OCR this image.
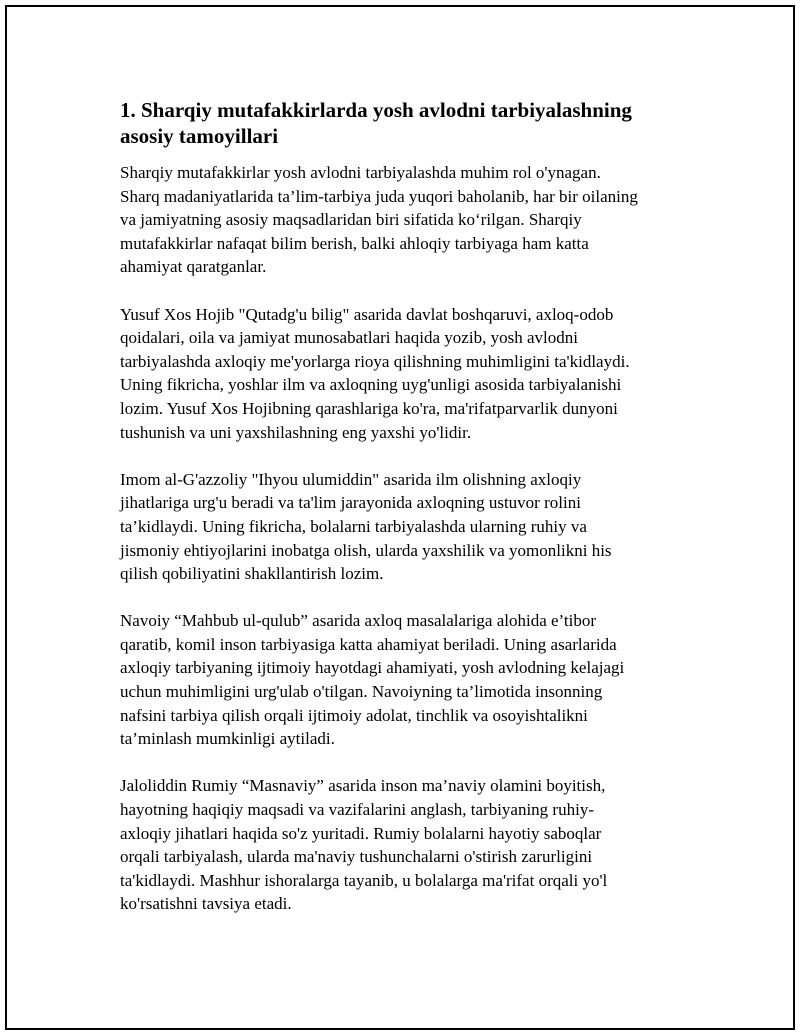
1. Sharqiy mutafakkirlarda yosh avlodni tarbiyalashning
asosiy tamoyillari

Sharqiy mutafakkirlar yosh avlodni tarbiyalashda muhim rol o'ynagan.
Sharq madaniyatlarida ta’lim-tarbiya juda yuqori baholanib, har bir oilaning
va jamiyatning asosiy maqsadlaridan biri sifatida ko‘rilgan. Sharqiy
mutafakkirlar nafaqat bilim berish, balki ahloqiy tarbiyaga ham katta
ahamiyat qaratganlar.

Yusuf Xos Hojib "Qutadg'u bilig" asarida davlat boshqaruvi, axloq-odob
qoidalari, oila va jamiyat munosabatlari haqida yozib, yosh avlodni
tarbiyalashda axloqiy me'yorlarga rioya qilishning muhimligini ta'kidlaydi.
Uning fikricha, yoshlar ilm va axloqning uyg'unligi asosida tarbiyalanishi
lozim. Yusuf Xos Hojibning qarashlariga ko'ra, ma'rifatparvarlik dunyoni
tushunish va uni yaxshilashning eng yaxshi yo'lidir.

Imom al-G'azzoliy "Ihyou ulumiddin" asarida ilm olishning axloqiy
jihatlariga urg'u beradi va ta'lim jarayonida axloqning ustuvor rolini
ta’kidlaydi. Uning fikricha, bolalarni tarbiyalashda ularning ruhiy va
jismoniy ehtiyojlarini inobatga olish, ularda yaxshilik va yomonlikni his
qilish qobiliyatini shakllantirish lozim.

Navoiy “Mahbub ul-qulub” asarida axloq masalalariga alohida e’tibor
qaratib, komil inson tarbiyasiga katta ahamiyat beriladi. Uning asarlarida
axloqiy tarbiyaning ijtimoiy hayotdagi ahamiyati, yosh avlodning kelajagi
uchun muhimligini urg'ulab o'tilgan. Navoiyning ta’limotida insonning
nafsini tarbiya qilish orqali ijtimoiy adolat, tinchlik va osoyishtalikni
ta’minlash mumkinligi aytiladi.

Jaloliddin Rumiy “Masnaviy” asarida inson ma’naviy olamini boyitish,
hayotning haqiqiy maqsadi va vazifalarini anglash, tarbiyaning ruhiy-
axloqiy jihatlari haqida so'z yuritadi. Rumiy bolalarni hayotiy saboqlar
orqali tarbiyalash, ularda ma'naviy tushunchalarni o'stirish zarurligini
ta'kidlaydi. Mashhur ishoralarga tayanib, u bolalarga ma'rifat orqali yo'l
ko'rsatishni tavsiya etadi.
